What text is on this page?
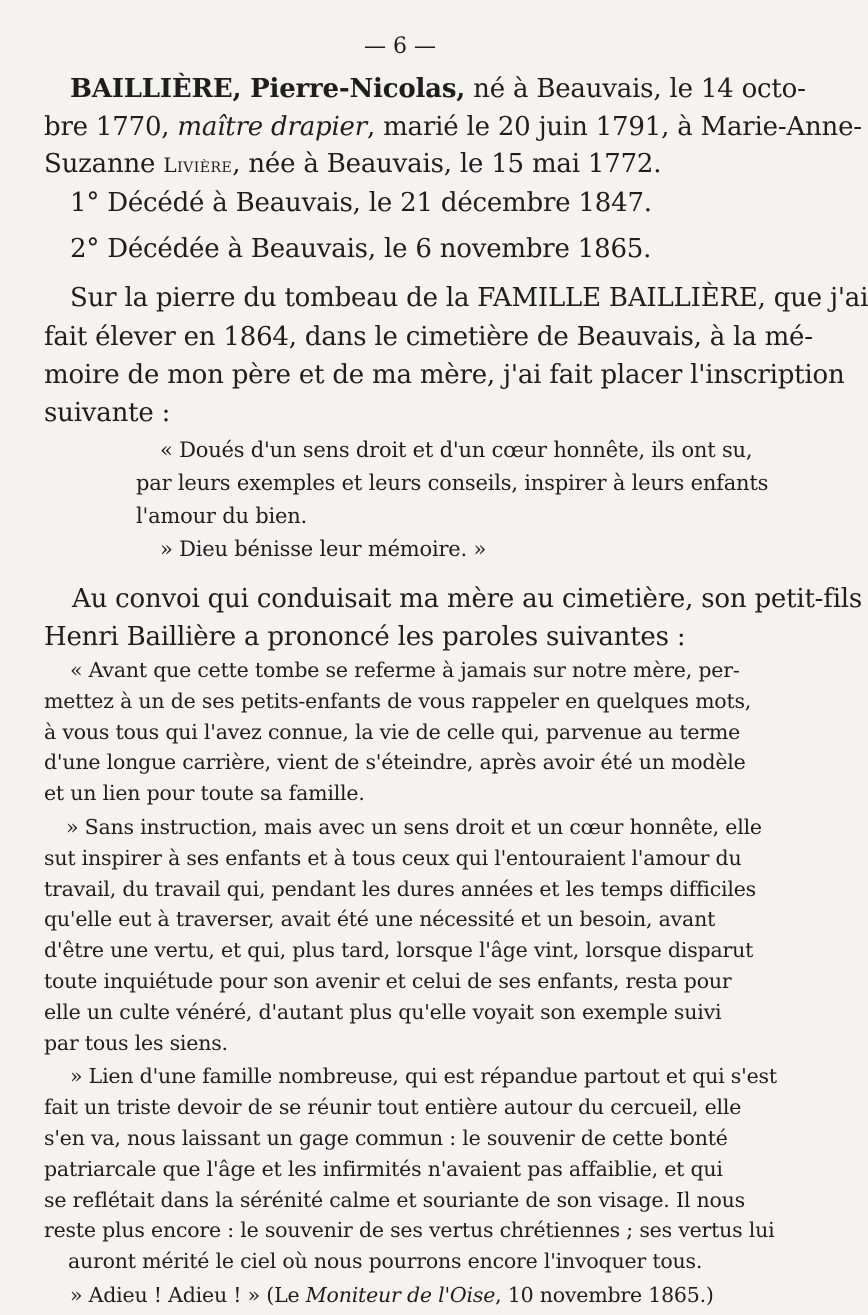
— 6 —
BAILLIÈRE, Pierre-Nicolas, né à Beauvais, le 14 octo-
bre 1770, maître drapier, marié le 20 juin 1791, à Marie-Anne-
Suzanne Livière, née à Beauvais, le 15 mai 1772.
1° Décédé à Beauvais, le 21 décembre 1847.
2° Décédée à Beauvais, le 6 novembre 1865.
Sur la pierre du tombeau de la FAMILLE BAILLIÈRE, que j'ai
fait élever en 1864, dans le cimetière de Beauvais, à la mé-
moire de mon père et de ma mère, j'ai fait placer l'inscription
suivante :
« Doués d'un sens droit et d'un cœur honnête, ils ont su,
par leurs exemples et leurs conseils, inspirer à leurs enfants
l'amour du bien.
» Dieu bénisse leur mémoire. »
Au convoi qui conduisait ma mère au cimetière, son petit-fils
Henri Baillière a prononcé les paroles suivantes :
« Avant que cette tombe se referme à jamais sur notre mère, per-
mettez à un de ses petits-enfants de vous rappeler en quelques mots,
à vous tous qui l'avez connue, la vie de celle qui, parvenue au terme
d'une longue carrière, vient de s'éteindre, après avoir été un modèle
et un lien pour toute sa famille.
» Sans instruction, mais avec un sens droit et un cœur honnête, elle
sut inspirer à ses enfants et à tous ceux qui l'entouraient l'amour du
travail, du travail qui, pendant les dures années et les temps difficiles
qu'elle eut à traverser, avait été une nécessité et un besoin, avant
d'être une vertu, et qui, plus tard, lorsque l'âge vint, lorsque disparut
toute inquiétude pour son avenir et celui de ses enfants, resta pour
elle un culte vénéré, d'autant plus qu'elle voyait son exemple suivi
par tous les siens.
» Lien d'une famille nombreuse, qui est répandue partout et qui s'est
fait un triste devoir de se réunir tout entière autour du cercueil, elle
s'en va, nous laissant un gage commun : le souvenir de cette bonté
patriarcale que l'âge et les infirmités n'avaient pas affaiblie, et qui
se reflétait dans la sérénité calme et souriante de son visage. Il nous
reste plus encore : le souvenir de ses vertus chrétiennes ; ses vertus lui
auront mérité le ciel où nous pourrons encore l'invoquer tous.
» Adieu ! Adieu ! » (Le Moniteur de l'Oise, 10 novembre 1865.)
